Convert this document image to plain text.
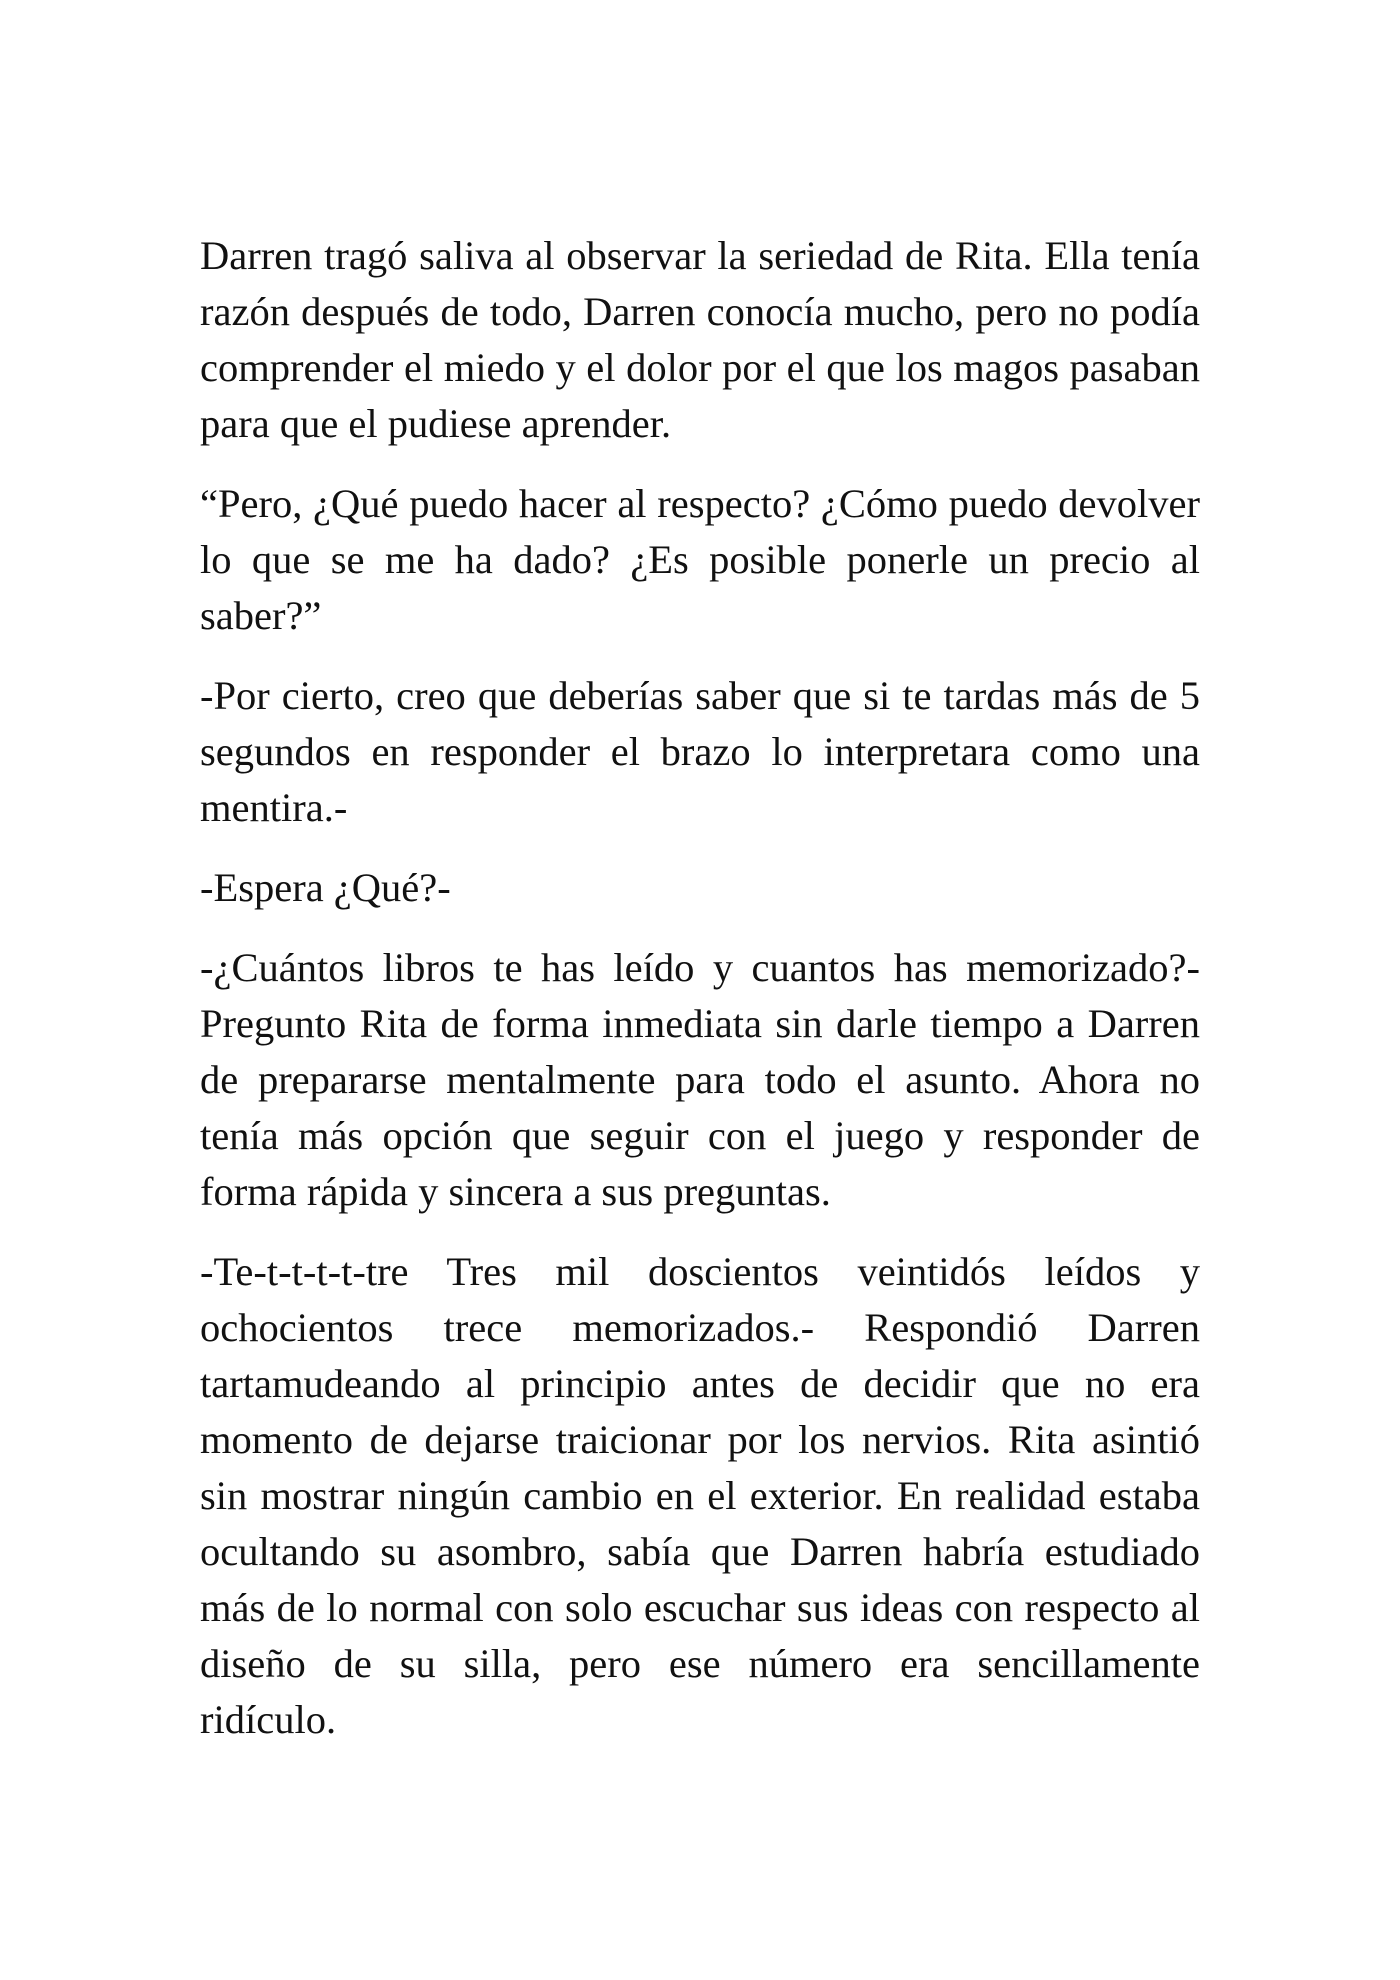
Darren tragó saliva al observar la seriedad de Rita. Ella tenía razón después de todo, Darren conocía mucho, pero no podía comprender el miedo y el dolor por el que los magos pasaban para que el pudiese aprender.

“Pero, ¿Qué puedo hacer al respecto? ¿Cómo puedo devolver lo que se me ha dado? ¿Es posible ponerle un precio al saber?”

-Por cierto, creo que deberías saber que si te tardas más de 5 segundos en responder el brazo lo interpretara como una mentira.-

-Espera ¿Qué?-

-¿Cuántos libros te has leído y cuantos has memorizado?- Pregunto Rita de forma inmediata sin darle tiempo a Darren de prepararse mentalmente para todo el asunto. Ahora no tenía más opción que seguir con el juego y responder de forma rápida y sincera a sus preguntas.

-Te-t-t-t-t-tre Tres mil doscientos veintidós leídos y ochocientos trece memorizados.- Respondió Darren tartamudeando al principio antes de decidir que no era momento de dejarse traicionar por los nervios. Rita asintió sin mostrar ningún cambio en el exterior. En realidad estaba ocultando su asombro, sabía que Darren habría estudiado más de lo normal con solo escuchar sus ideas con respecto al diseño de su silla, pero ese número era sencillamente ridículo.
